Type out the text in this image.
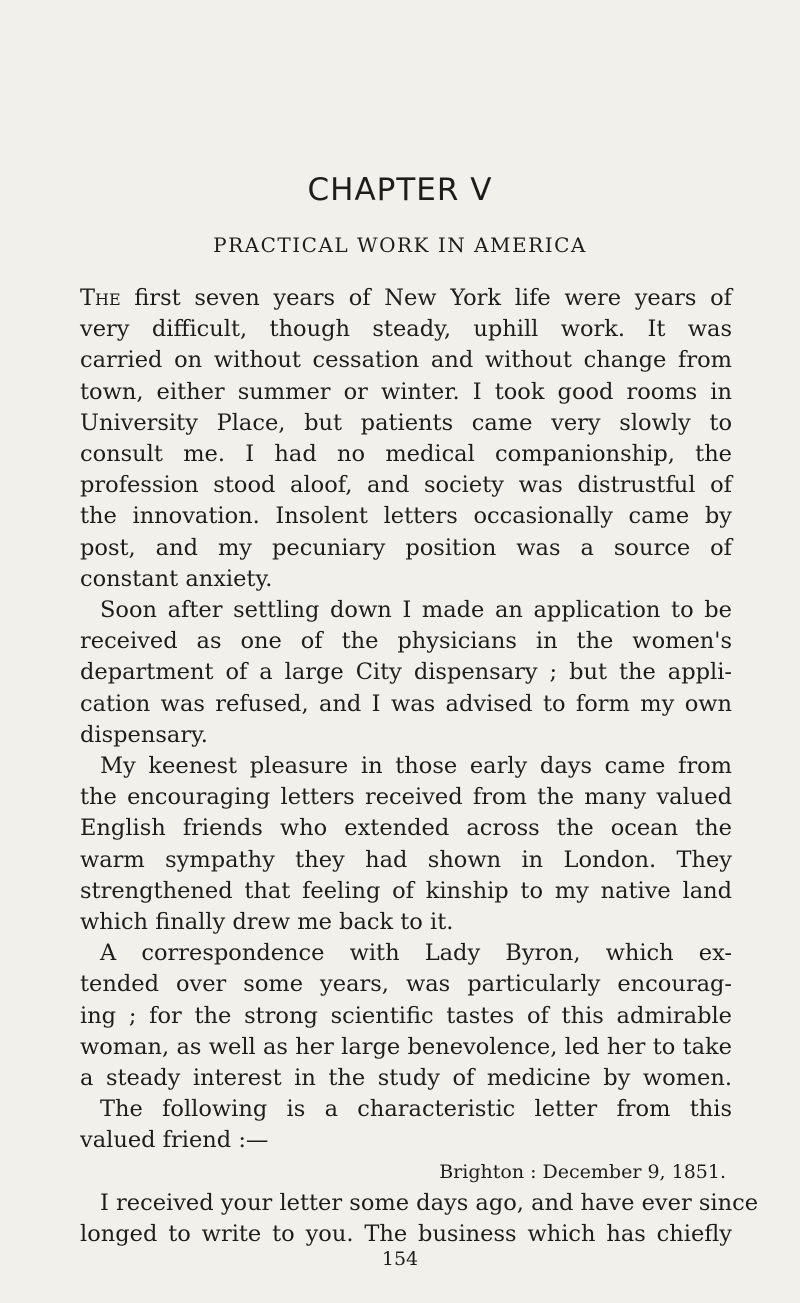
CHAPTER V
PRACTICAL WORK IN AMERICA
The first seven years of New York life were years of
very difficult, though steady, uphill work. It was
carried on without cessation and without change from
town, either summer or winter. I took good rooms in
University Place, but patients came very slowly to
consult me. I had no medical companionship, the
profession stood aloof, and society was distrustful of
the innovation. Insolent letters occasionally came by
post, and my pecuniary position was a source of
constant anxiety.
Soon after settling down I made an application to be
received as one of the physicians in the women's
department of a large City dispensary ; but the appli-
cation was refused, and I was advised to form my own
dispensary.
My keenest pleasure in those early days came from
the encouraging letters received from the many valued
English friends who extended across the ocean the
warm sympathy they had shown in London. They
strengthened that feeling of kinship to my native land
which finally drew me back to it.
A correspondence with Lady Byron, which ex-
tended over some years, was particularly encourag-
ing ; for the strong scientific tastes of this admirable
woman, as well as her large benevolence, led her to take
a steady interest in the study of medicine by women.
The following is a characteristic letter from this
valued friend :—
Brighton : December 9, 1851.
I received your letter some days ago, and have ever since
longed to write to you. The business which has chiefly
154
